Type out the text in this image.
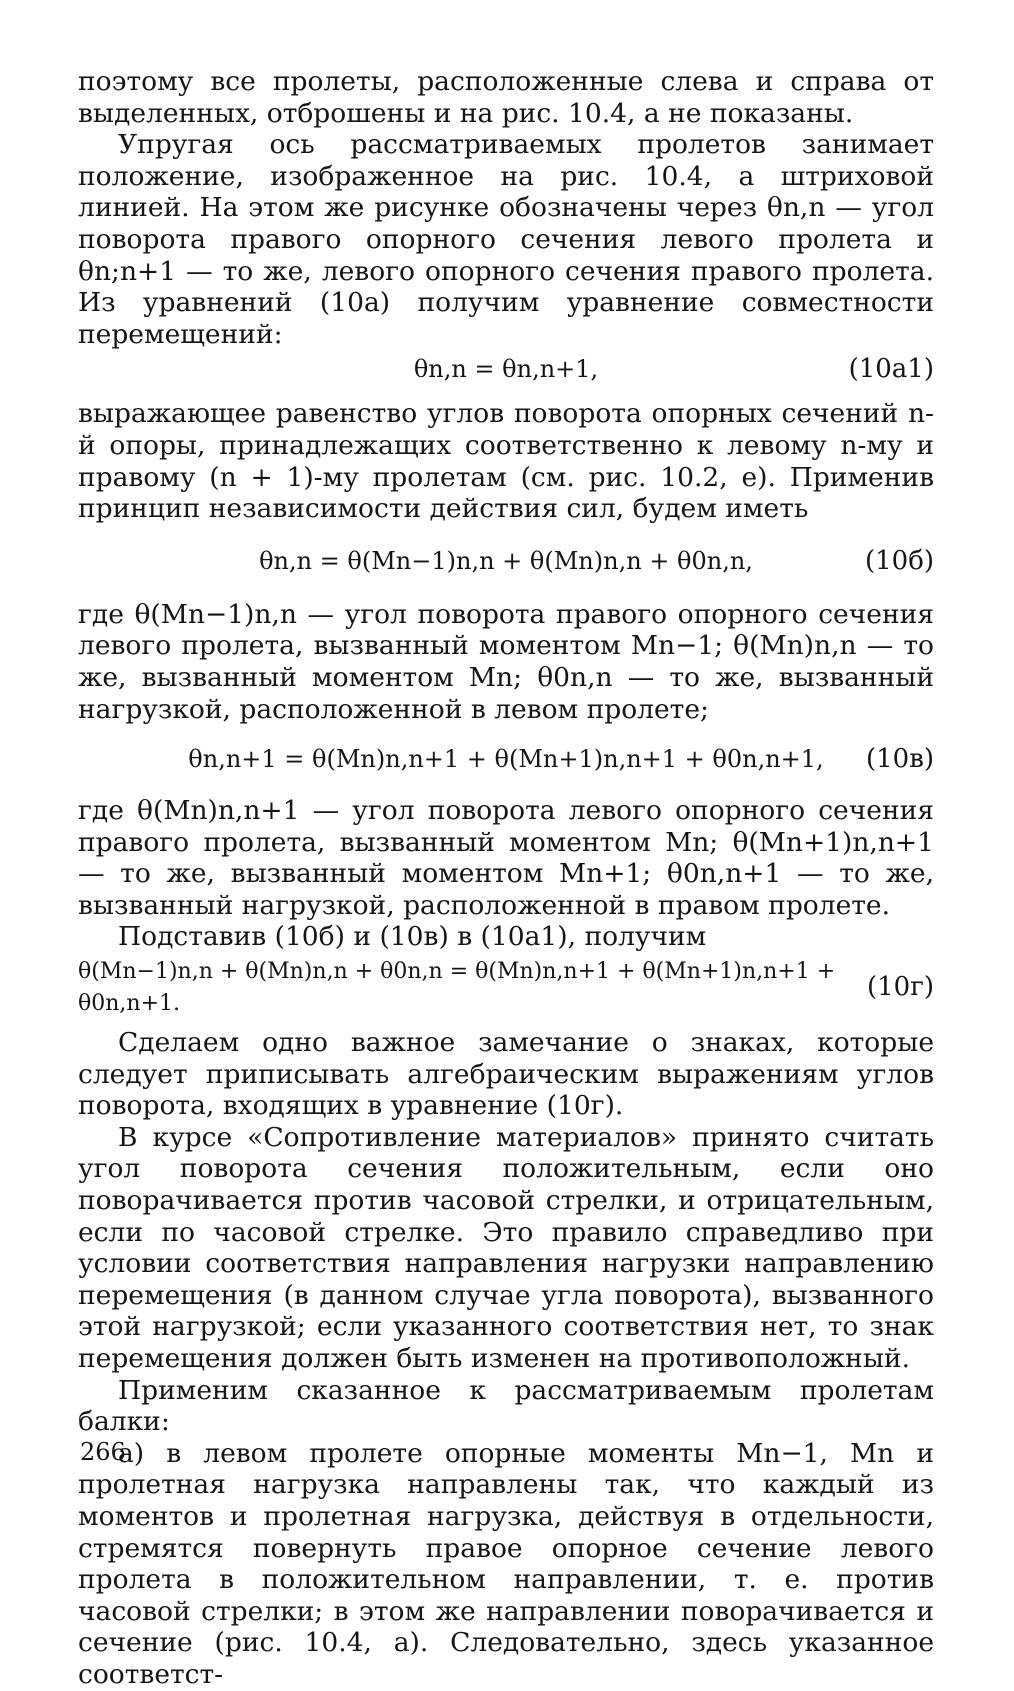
поэтому все пролеты, расположенные слева и справа от выделенных, отброшены и на рис. 10.4, а не показаны.

Упругая ось рассматриваемых пролетов занимает положение, изображенное на рис. 10.4, а штриховой линией. На этом же рисунке обозначены через θn,n — угол поворота правого опорного сечения левого пролета и θn;n+1 — то же, левого опорного сечения правого пролета. Из уравнений (10а) получим уравнение совместности перемещений:

θn,n = θn,n+1,	(10а1)

выражающее равенство углов поворота опорных сечений n-й опоры, принадлежащих соответственно к левому n-му и правому (n + 1)-му пролетам (см. рис. 10.2, е). Применив принцип независимости действия сил, будем иметь

θn,n = θ(Mn−1)n,n + θ(Mn)n,n + θ0n,n,	(10б)

где θ(Mn−1)n,n — угол поворота правого опорного сечения левого пролета, вызванный моментом Mn−1; θ(Mn)n,n — то же, вызванный моментом Mn; θ0n,n — то же, вызванный нагрузкой, расположенной в левом пролете;

θn,n+1 = θ(Mn)n,n+1 + θ(Mn+1)n,n+1 + θ0n,n+1, (10в)

где θ(Mn)n,n+1 — угол поворота левого опорного сечения правого пролета, вызванный моментом Mn; θ(Mn+1)n,n+1 — то же, вызванный моментом Mn+1; θ0n,n+1 — то же, вызванный нагрузкой, расположенной в правом пролете.

Подставив (10б) и (10в) в (10а1), получим

θ(Mn−1)n,n + θ(Mn)n,n + θ0n,n = θ(Mn)n,n+1 + θ(Mn+1)n,n+1 + θ0n,n+1.
(10г)

Сделаем одно важное замечание о знаках, которые следует приписывать алгебраическим выражениям углов поворота, входящих в уравнение (10г).

В курсе «Сопротивление материалов» принято считать угол поворота сечения положительным, если оно поворачивается против часовой стрелки, и отрицательным, если по часовой стрелке. Это правило справедливо при условии соответствия направления нагрузки направлению перемещения (в данном случае угла поворота), вызванного этой нагрузкой; если указанного соответствия нет, то знак перемещения должен быть изменен на противоположный.

Применим сказанное к рассматриваемым пролетам балки:

а) в левом пролете опорные моменты Mn−1, Mn и пролетная нагрузка направлены так, что каждый из моментов и пролетная нагрузка, действуя в отдельности, стремятся повернуть правое опорное сечение левого пролета в положительном направлении, т. е. против часовой стрелки; в этом же направлении поворачивается и сечение (рис. 10.4, а). Следовательно, здесь указанное соответст-

266
